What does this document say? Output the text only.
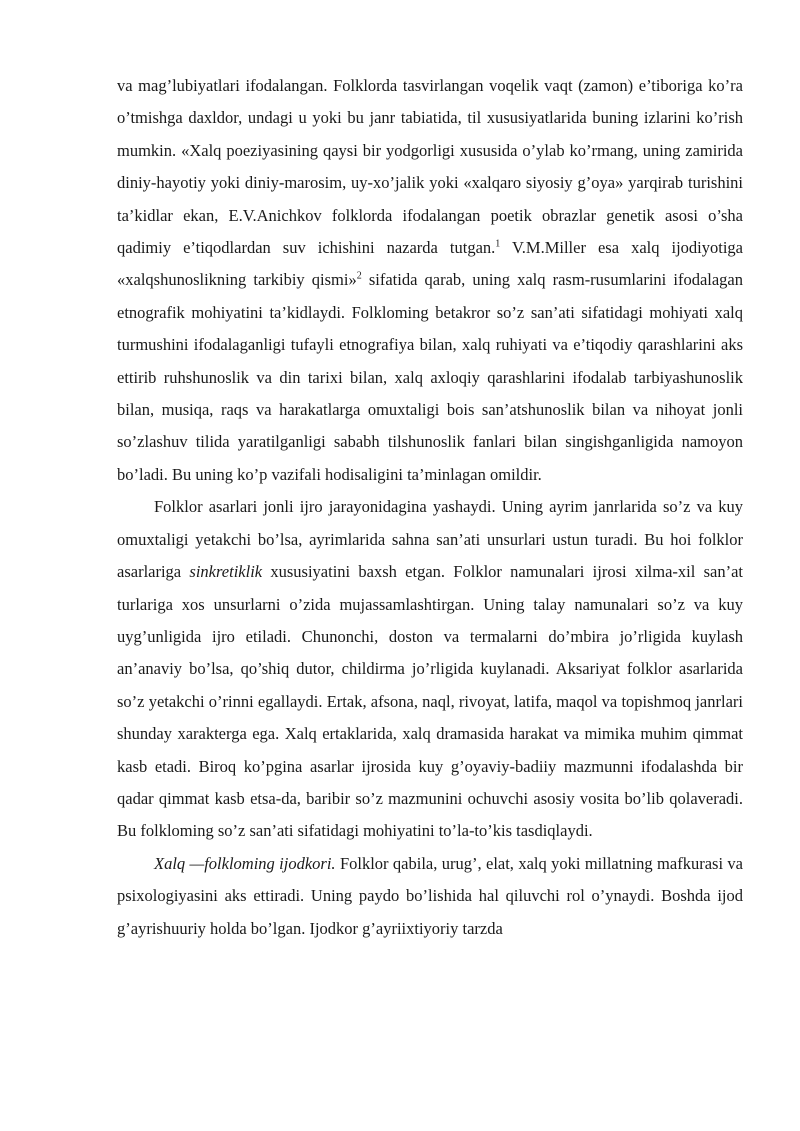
va mag’lubiyatlari ifodalangan. Folklorda tasvirlangan voqelik vaqt (zamon) e’tiboriga ko’ra o’tmishga daxldor, undagi u yoki bu janr tabiatida, til xususiyatlarida buning izlarini ko’rish mumkin. «Xalq poeziyasining qaysi bir yodgorligi xususida o’ylab ko’rmang, uning zamirida diniy-hayotiy yoki diniy-marosim, uy-xo’jalik yoki «xalqaro siyosiy g’oya» yarqirab turishini ta’kidlar ekan, E.V.Anichkov folklorda ifodalangan poetik obrazlar genetik asosi o’sha qadimiy e’tiqodlardan suv ichishini nazarda tutgan.$^1$ V.M.Miller esa xalq ijodiyotiga «xalqshunoslikning tarkibiy qismi»$^2$ sifatida qarab, uning xalq rasm-rusumlarini ifodalagan etnografik mohiyatini ta’kidlaydi. Folkloming betakror so’z san’ati sifatidagi mohiyati xalq turmushini ifodalaganligi tufayli etnografiya bilan, xalq ruhiyati va e’tiqodiy qarashlarini aks ettirib ruhshunoslik va din tarixi bilan, xalq axloqiy qarashlarini ifodalab tarbiyashunoslik bilan, musiqa, raqs va harakatlarga omuxtaligi bois san’atshunoslik bilan va nihoyat jonli so’zlashuv tilida yaratilganligi sababh tilshunoslik fanlari bilan singishganligida namoyon bo’ladi. Bu uning ko’p vazifali hodisaligini ta’minlagan omildir.

Folklor asarlari jonli ijro jarayonidagina yashaydi. Uning ayrim janrlarida so’z va kuy omuxtaligi yetakchi bo’lsa, ayrimlarida sahna san’ati unsurlari ustun turadi. Bu hoi folklor asarlariga sinkretiklik xususiyatini baxsh etgan. Folklor namunalari ijrosi xilma-xil san’at turlariga xos unsurlarni o’zida mujassamlashtirgan. Uning talay namunalari so’z va kuy uyg’unligida ijro etiladi. Chunonchi, doston va termalarni do’mbira jo’rligida kuylash an’anaviy bo’lsa, qo’shiq dutor, childirma jo’rligida kuylanadi. Aksariyat folklor asarlarida so’z yetakchi o’rinni egallaydi. Ertak, afsona, naql, rivoyat, latifa, maqol va topishmoq janrlari shunday xarakterga ega. Xalq ertaklarida, xalq dramasida harakat va mimika muhim qimmat kasb etadi. Biroq ko’pgina asarlar ijrosida kuy g’oyaviy-badiiy mazmunni ifodalashda bir qadar qimmat kasb etsa-da, baribir so’z mazmunini ochuvchi asosiy vosita bo’lib qolaveradi. Bu folkloming so’z san’ati sifatidagi mohiyatini to’la-to’kis tasdiqlaydi.

Xalq —folkloming ijodkori. Folklor qabila, urug’, elat, xalq yoki millatning mafkurasi va psixologiyasini aks ettiradi. Uning paydo bo’lishida hal qiluvchi rol o’ynaydi. Boshda ijod g’ayrishuuriy holda bo’lgan. Ijodkor g’ayriixtiyoriy tarzda
